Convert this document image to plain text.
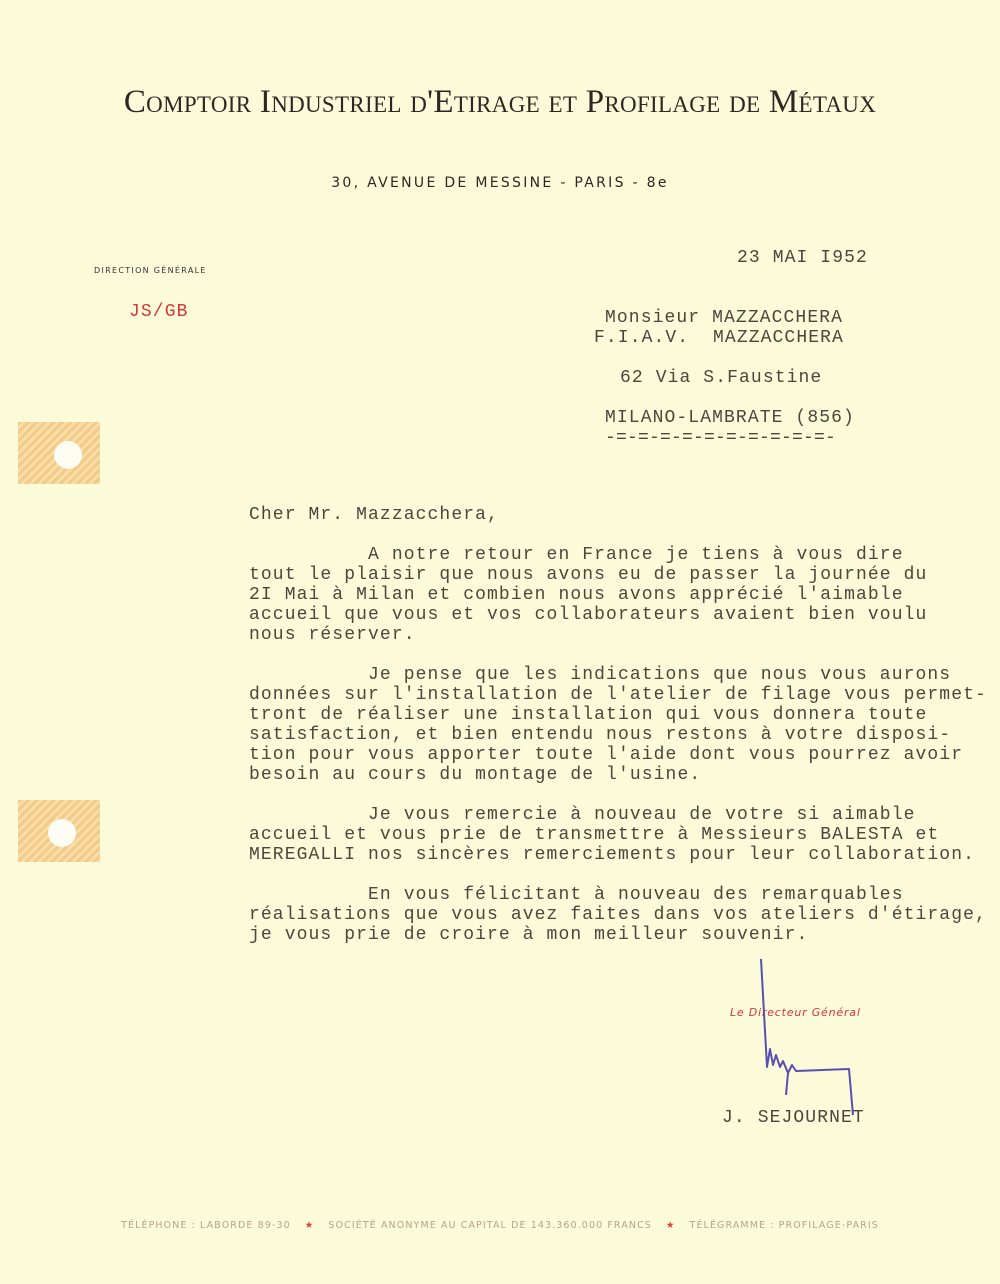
Comptoir Industriel d'Etirage et Profilage de Métaux
30, AVENUE DE MESSINE - PARIS - 8e
DIRECTION GÉNÉRALE
JS/GB
23 MAI I952
Monsieur MAZZACCHERA
F.I.A.V.  MAZZACCHERA
62 Via S.Faustine
MILANO-LAMBRATE (856)
-=-=-=-=-=-=-=-=-=-=-
Cher Mr. Mazzacchera,
A notre retour en France je tiens à vous dire
tout le plaisir que nous avons eu de passer la journée du
2I Mai à Milan et combien nous avons apprécié l'aimable
accueil que vous et vos collaborateurs avaient bien voulu
nous réserver.
Je pense que les indications que nous vous aurons
données sur l'installation de l'atelier de filage vous permet-
tront de réaliser une installation qui vous donnera toute
satisfaction, et bien entendu nous restons à votre disposi-
tion pour vous apporter toute l'aide dont vous pourrez avoir
besoin au cours du montage de l'usine.
Je vous remercie à nouveau de votre si aimable
accueil et vous prie de transmettre à Messieurs BALESTA et
MEREGALLI nos sincères remerciements pour leur collaboration.
En vous félicitant à nouveau des remarquables
réalisations que vous avez faites dans vos ateliers d'étirage,
je vous prie de croire à mon meilleur souvenir.
Le Directeur Général
J. SEJOURNET
TÉLÉPHONE : LABORDE 89-30 ★ SOCIÉTÉ ANONYME AU CAPITAL DE 143.360.000 FRANCS ★ TÉLÉGRAMME : PROFILAGE-PARIS
